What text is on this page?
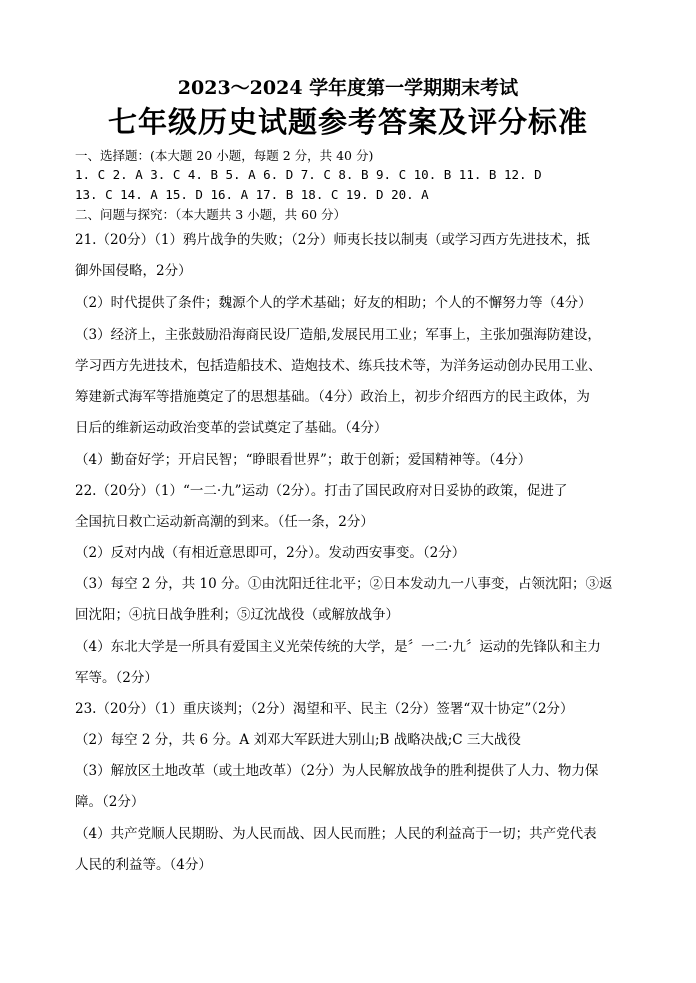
2023～2024 学年度第一学期期末考试
七年级历史试题参考答案及评分标准
一、选择题：(本大题 20 小题，每题 2 分，共 40 分)
1. C 2. A 3. C 4. B 5. A 6. D 7. C 8. B 9. C 10. B 11. B 12. D
13. C 14. A 15. D 16. A 17. B 18. C 19. D 20. A
二、问题与探究：（本大题共 3 小题，共 60 分）
21.（20分）（1）鸦片战争的失败；（2分）师夷长技以制夷（或学习西方先进技术，抵
御外国侵略，2分）
（2）时代提供了条件；魏源个人的学术基础；好友的相助；个人的不懈努力等（4分）
（3）经济上，主张鼓励沿海商民设厂造船,发展民用工业；军事上，主张加强海防建设，
学习西方先进技术，包括造船技术、造炮技术、练兵技术等，为洋务运动创办民用工业、
筹建新式海军等措施奠定了的思想基础。（4分）政治上，初步介绍西方的民主政体，为
日后的维新运动政治变革的尝试奠定了基础。（4分）
（4）勤奋好学；开启民智；“睁眼看世界”；敢于创新；爱国精神等。（4分）
22.（20分）（1）“一二·九”运动（2分）。打击了国民政府对日妥协的政策，促进了
全国抗日救亡运动新高潮的到来。（任一条，2分）
（2）反对内战（有相近意思即可，2分）。发动西安事变。（2分）
（3）每空 2 分，共 10 分。①由沈阳迁往北平；②日本发动九一八事变，占领沈阳；③返
回沈阳；④抗日战争胜利；⑤辽沈战役（或解放战争）
（4）东北大学是一所具有爱国主义光荣传统的大学，是〞一二·九〞运动的先锋队和主力
军等。（2分）
23.（20分）（1）重庆谈判；（2分）渴望和平、民主（2分）签署“双十协定”（2分）
（2）每空 2 分，共 6 分。A 刘邓大军跃进大别山;B 战略决战;C 三大战役
（3）解放区土地改革（或土地改革）（2分）为人民解放战争的胜利提供了人力、物力保
障。（2分）
（4）共产党顺人民期盼、为人民而战、因人民而胜；人民的利益高于一切；共产党代表
人民的利益等。（4分）
